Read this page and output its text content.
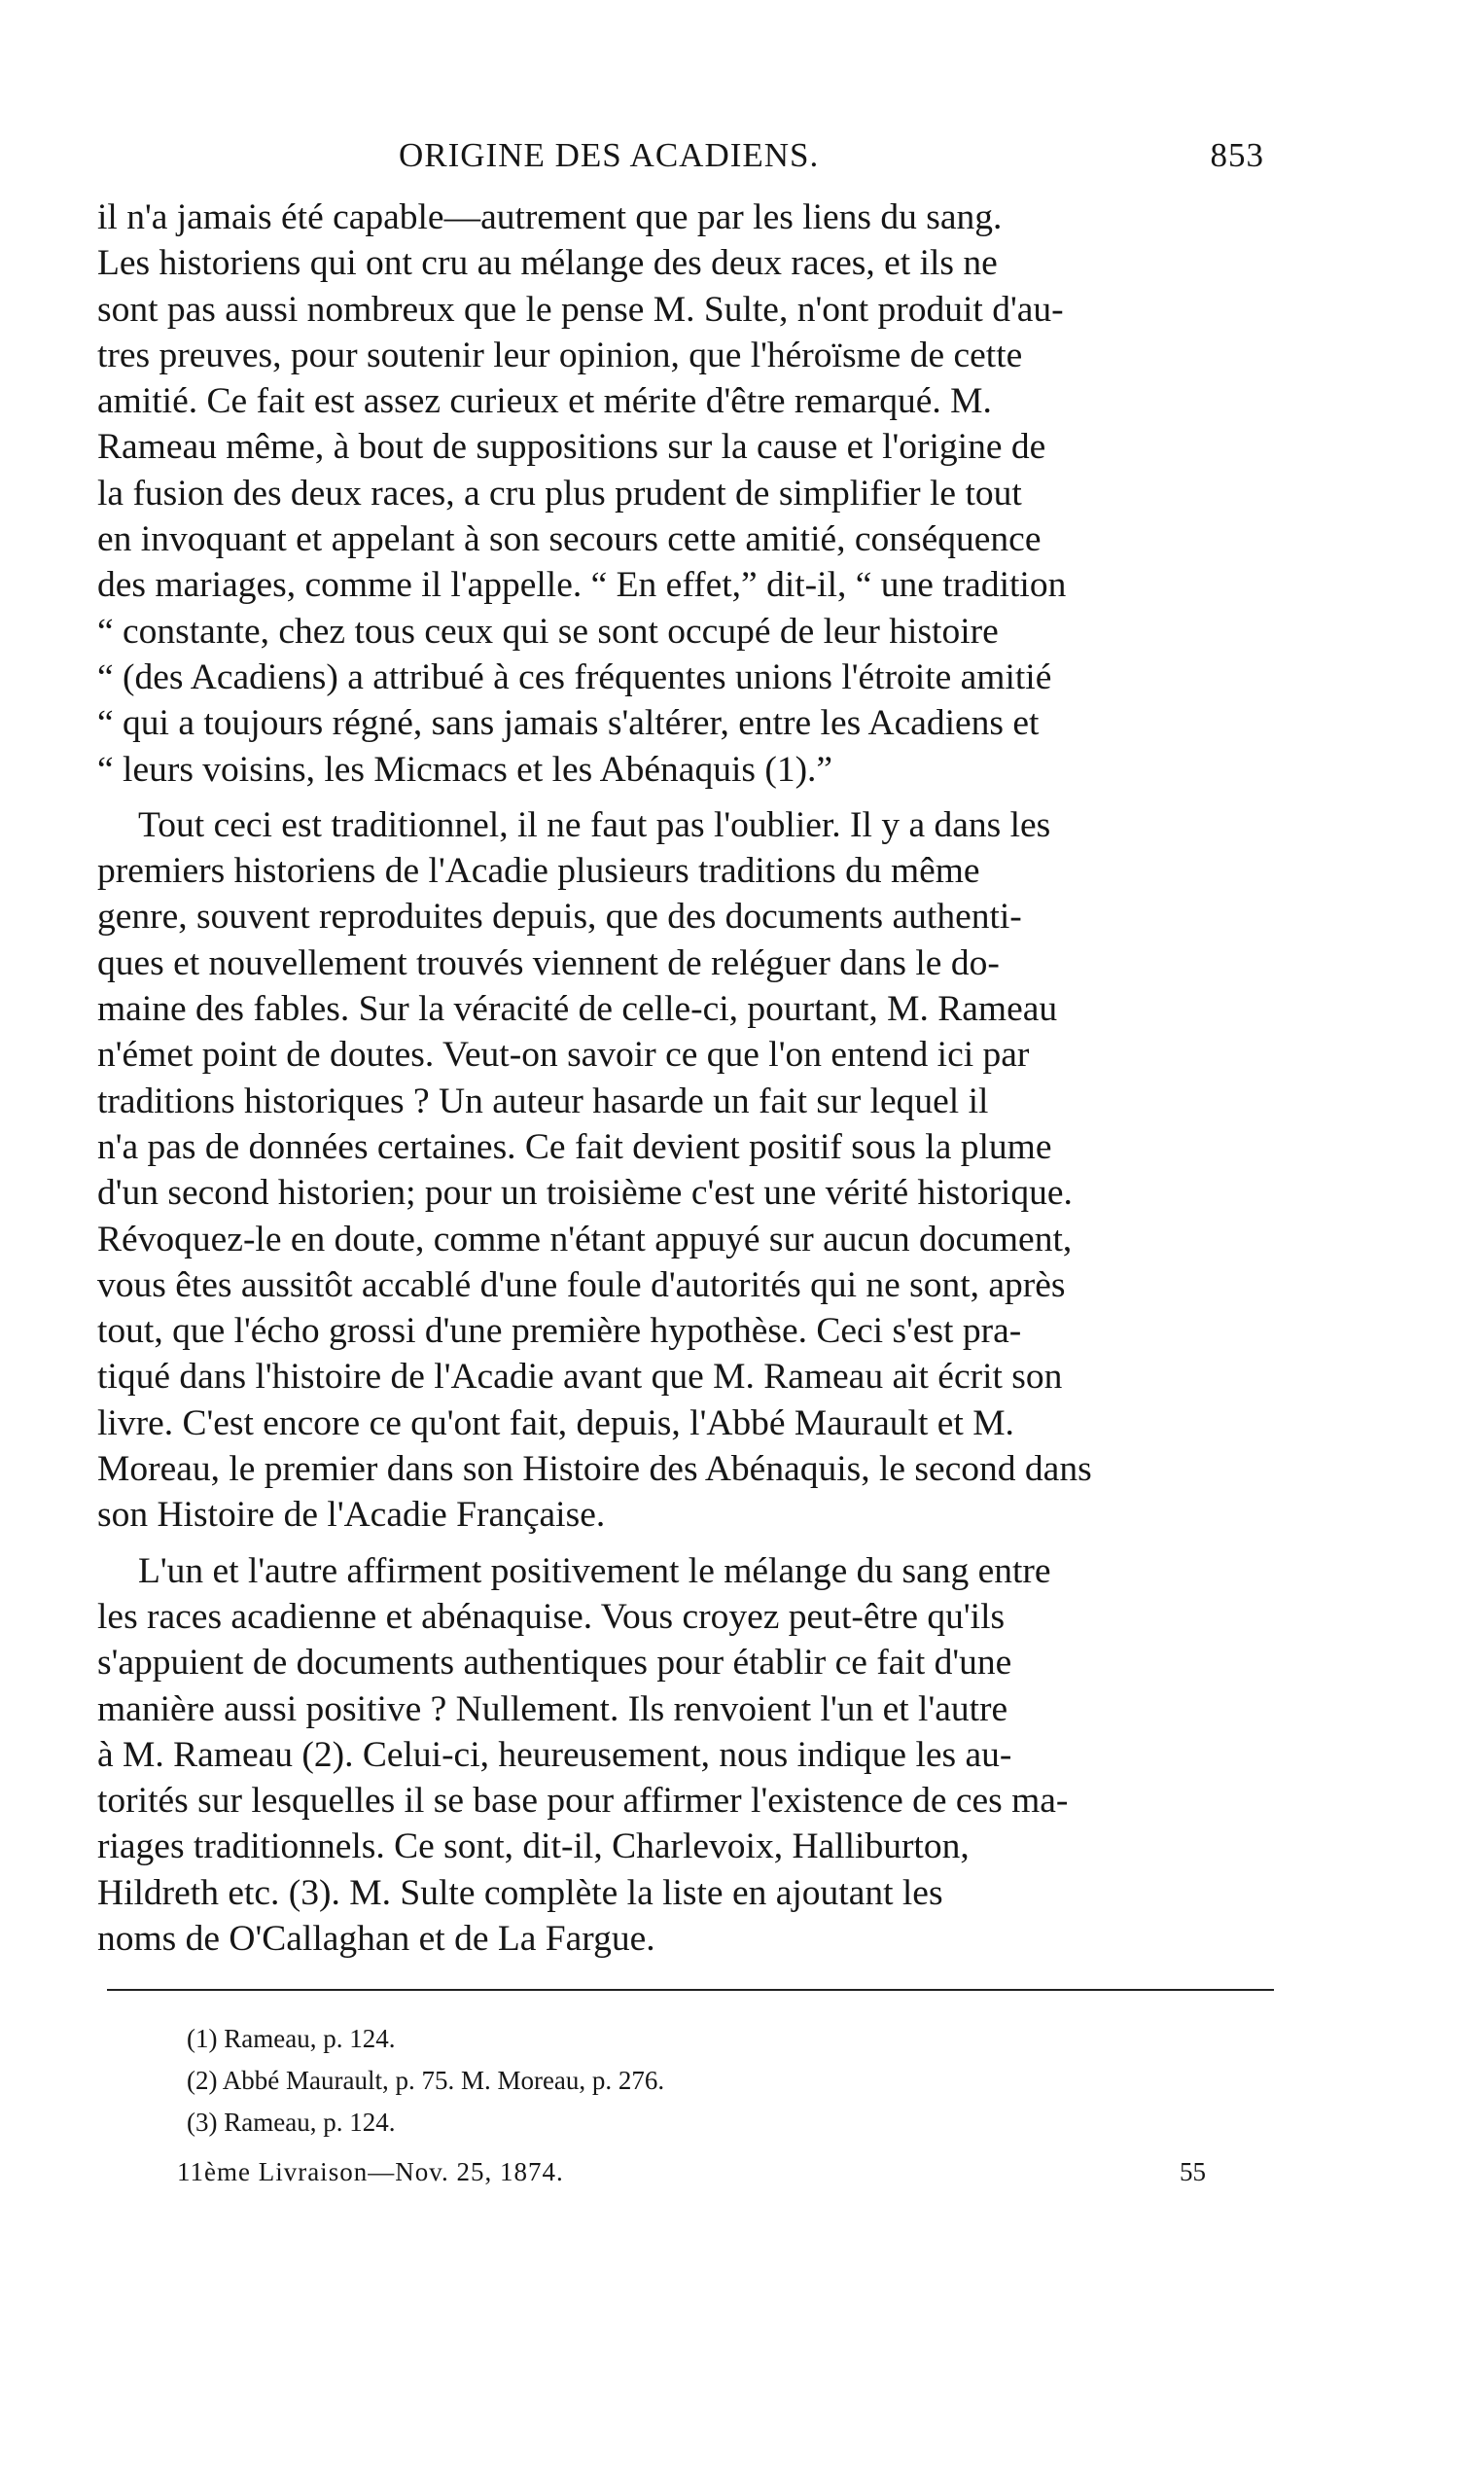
ORIGINE DES ACADIENS.	853

il n'a jamais été capable—autrement que par les liens du sang.
Les historiens qui ont cru au mélange des deux races, et ils ne
sont pas aussi nombreux que le pense M. Sulte, n'ont produit d'au-
tres preuves, pour soutenir leur opinion, que l'héroïsme de cette
amitié. Ce fait est assez curieux et mérite d'être remarqué. M.
Rameau même, à bout de suppositions sur la cause et l'origine de
la fusion des deux races, a cru plus prudent de simplifier le tout
en invoquant et appelant à son secours cette amitié, conséquence
des mariages, comme il l'appelle. “ En effet,” dit-il, “ une tradition
“ constante, chez tous ceux qui se sont occupé de leur histoire
“ (des Acadiens) a attribué à ces fréquentes unions l'étroite amitié
“ qui a toujours régné, sans jamais s'altérer, entre les Acadiens et
“ leurs voisins, les Micmacs et les Abénaquis (1).”

Tout ceci est traditionnel, il ne faut pas l'oublier. Il y a dans les
premiers historiens de l'Acadie plusieurs traditions du même
genre, souvent reproduites depuis, que des documents authenti-
ques et nouvellement trouvés viennent de reléguer dans le do-
maine des fables. Sur la véracité de celle-ci, pourtant, M. Rameau
n'émet point de doutes. Veut-on savoir ce que l'on entend ici par
traditions historiques ? Un auteur hasarde un fait sur lequel il
n'a pas de données certaines. Ce fait devient positif sous la plume
d'un second historien; pour un troisième c'est une vérité historique.
Révoquez-le en doute, comme n'étant appuyé sur aucun document,
vous êtes aussitôt accablé d'une foule d'autorités qui ne sont, après
tout, que l'écho grossi d'une première hypothèse. Ceci s'est pra-
tiqué dans l'histoire de l'Acadie avant que M. Rameau ait écrit son
livre. C'est encore ce qu'ont fait, depuis, l'Abbé Maurault et M.
Moreau, le premier dans son Histoire des Abénaquis, le second dans
son Histoire de l'Acadie Française.

L'un et l'autre affirment positivement le mélange du sang entre
les races acadienne et abénaquise. Vous croyez peut-être qu'ils
s'appuient de documents authentiques pour établir ce fait d'une
manière aussi positive ? Nullement. Ils renvoient l'un et l'autre
à M. Rameau (2). Celui-ci, heureusement, nous indique les au-
torités sur lesquelles il se base pour affirmer l'existence de ces ma-
riages traditionnels. Ce sont, dit-il, Charlevoix, Halliburton,
Hildreth etc. (3). M. Sulte complète la liste en ajoutant les
noms de O'Callaghan et de La Fargue.

(1) Rameau, p. 124.
(2) Abbé Maurault, p. 75. M. Moreau, p. 276.
(3) Rameau, p. 124.
11ème Livraison—Nov. 25, 1874.	55
